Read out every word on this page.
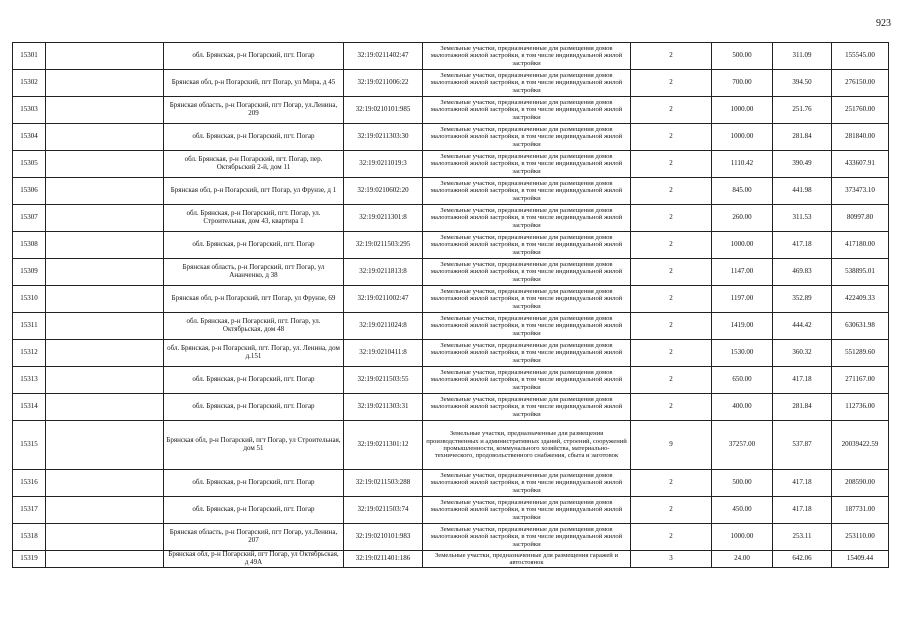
923
15301		обл. Брянская, р-н Погарский, пгт. Погар	32:19:0211402:47	Земельные участки, предназначенные для размещения домов малоэтажной жилой застройки, в том числе индивидуальной жилой застройки	2	500.00	311.09	155545.00
15302		Брянская обл, р-н Погарский, пгт Погар, ул Мира, д 45	32:19:0211006:22	Земельные участки, предназначенные для размещения домов малоэтажной жилой застройки, в том числе индивидуальной жилой застройки	2	700.00	394.50	276150.00
15303		Брянская область, р-н Погарский, пгт Погар, ул.Ленина, 209	32:19:0210101:985	Земельные участки, предназначенные для размещения домов малоэтажной жилой застройки, в том числе индивидуальной жилой застройки	2	1000.00	251.76	251760.00
15304		обл. Брянская, р-н Погарский, пгт. Погар	32:19:0211303:30	Земельные участки, предназначенные для размещения домов малоэтажной жилой застройки, в том числе индивидуальной жилой застройки	2	1000.00	281.84	281840.00
15305		обл. Брянская, р-н Погарский, пгт. Погар, пер. Октябрьский 2-й, дом 11	32:19:0211019:3	Земельные участки, предназначенные для размещения домов малоэтажной жилой застройки, в том числе индивидуальной жилой застройки	2	1110.42	390.49	433607.91
15306		Брянская обл, р-н Погарский, пгт Погар, ул Фрунзе, д 1	32:19:0210602:20	Земельные участки, предназначенные для размещения домов малоэтажной жилой застройки, в том числе индивидуальной жилой застройки	2	845.00	441.98	373473.10
15307		обл. Брянская, р-н Погарский, пгт. Погар, ул. Строительная, дом 43, квартира 1	32:19:0211301:8	Земельные участки, предназначенные для размещения домов малоэтажной жилой застройки, в том числе индивидуальной жилой застройки	2	260.00	311.53	80997.80
15308		обл. Брянская, р-н Погарский, пгт. Погар	32:19:0211503:295	Земельные участки, предназначенные для размещения домов малоэтажной жилой застройки, в том числе индивидуальной жилой застройки	2	1000.00	417.18	417180.00
15309		Брянская область, р-н Погарский, пгт Погар, ул Ананченко, д 38	32:19:0211813:8	Земельные участки, предназначенные для размещения домов малоэтажной жилой застройки, в том числе индивидуальной жилой застройки	2	1147.00	469.83	538895.01
15310		Брянская обл, р-н Погарский, пгт Погар, ул Фрунзе, 69	32:19:0211002:47	Земельные участки, предназначенные для размещения домов малоэтажной жилой застройки, в том числе индивидуальной жилой застройки	2	1197.00	352.89	422409.33
15311		обл. Брянская, р-н Погарский, пгт. Погар, ул. Октябрьская, дом 48	32:19:0211024:8	Земельные участки, предназначенные для размещения домов малоэтажной жилой застройки, в том числе индивидуальной жилой застройки	2	1419.00	444.42	630631.98
15312		обл. Брянская, р-н Погарский, пгт. Погар, ул. Ленина, дом д.151	32:19:0210411:8	Земельные участки, предназначенные для размещения домов малоэтажной жилой застройки, в том числе индивидуальной жилой застройки	2	1530.00	360.32	551289.60
15313		обл. Брянская, р-н Погарский, пгт. Погар	32:19:0211503:55	Земельные участки, предназначенные для размещения домов малоэтажной жилой застройки, в том числе индивидуальной жилой застройки	2	650.00	417.18	271167.00
15314		обл. Брянская, р-н Погарский, пгт. Погар	32:19:0211303:31	Земельные участки, предназначенные для размещения домов малоэтажной жилой застройки, в том числе индивидуальной жилой застройки	2	400.00	281.84	112736.00
15315		Брянская обл, р-н Погарский, пгт Погар, ул Строительная, дом 51	32:19:0211301:12	Земельные участки, предназначенные для размещения производственных и административных зданий, строений, сооружений промышленности, коммунального хозяйства, материально-технического, продовольственного снабжения, сбыта и заготовок	9	37257.00	537.87	20039422.59
15316		обл. Брянская, р-н Погарский, пгт. Погар	32:19:0211503:288	Земельные участки, предназначенные для размещения домов малоэтажной жилой застройки, в том числе индивидуальной жилой застройки	2	500.00	417.18	208590.00
15317		обл. Брянская, р-н Погарский, пгт. Погар	32:19:0211503:74	Земельные участки, предназначенные для размещения домов малоэтажной жилой застройки, в том числе индивидуальной жилой застройки	2	450.00	417.18	187731.00
15318		Брянская область, р-н Погарский, пгт Погар, ул.Ленина, 207	32:19:0210101:983	Земельные участки, предназначенные для размещения домов малоэтажной жилой застройки, в том числе индивидуальной жилой застройки	2	1000.00	253.11	253110.00
15319		Брянская обл, р-н Погарский, пгт Погар, ул Октябрьская, д 49А	32:19:0211401:186	Земельные участки, предназначенные для размещения гаражей и автостоянок	3	24.00	642.06	15409.44
